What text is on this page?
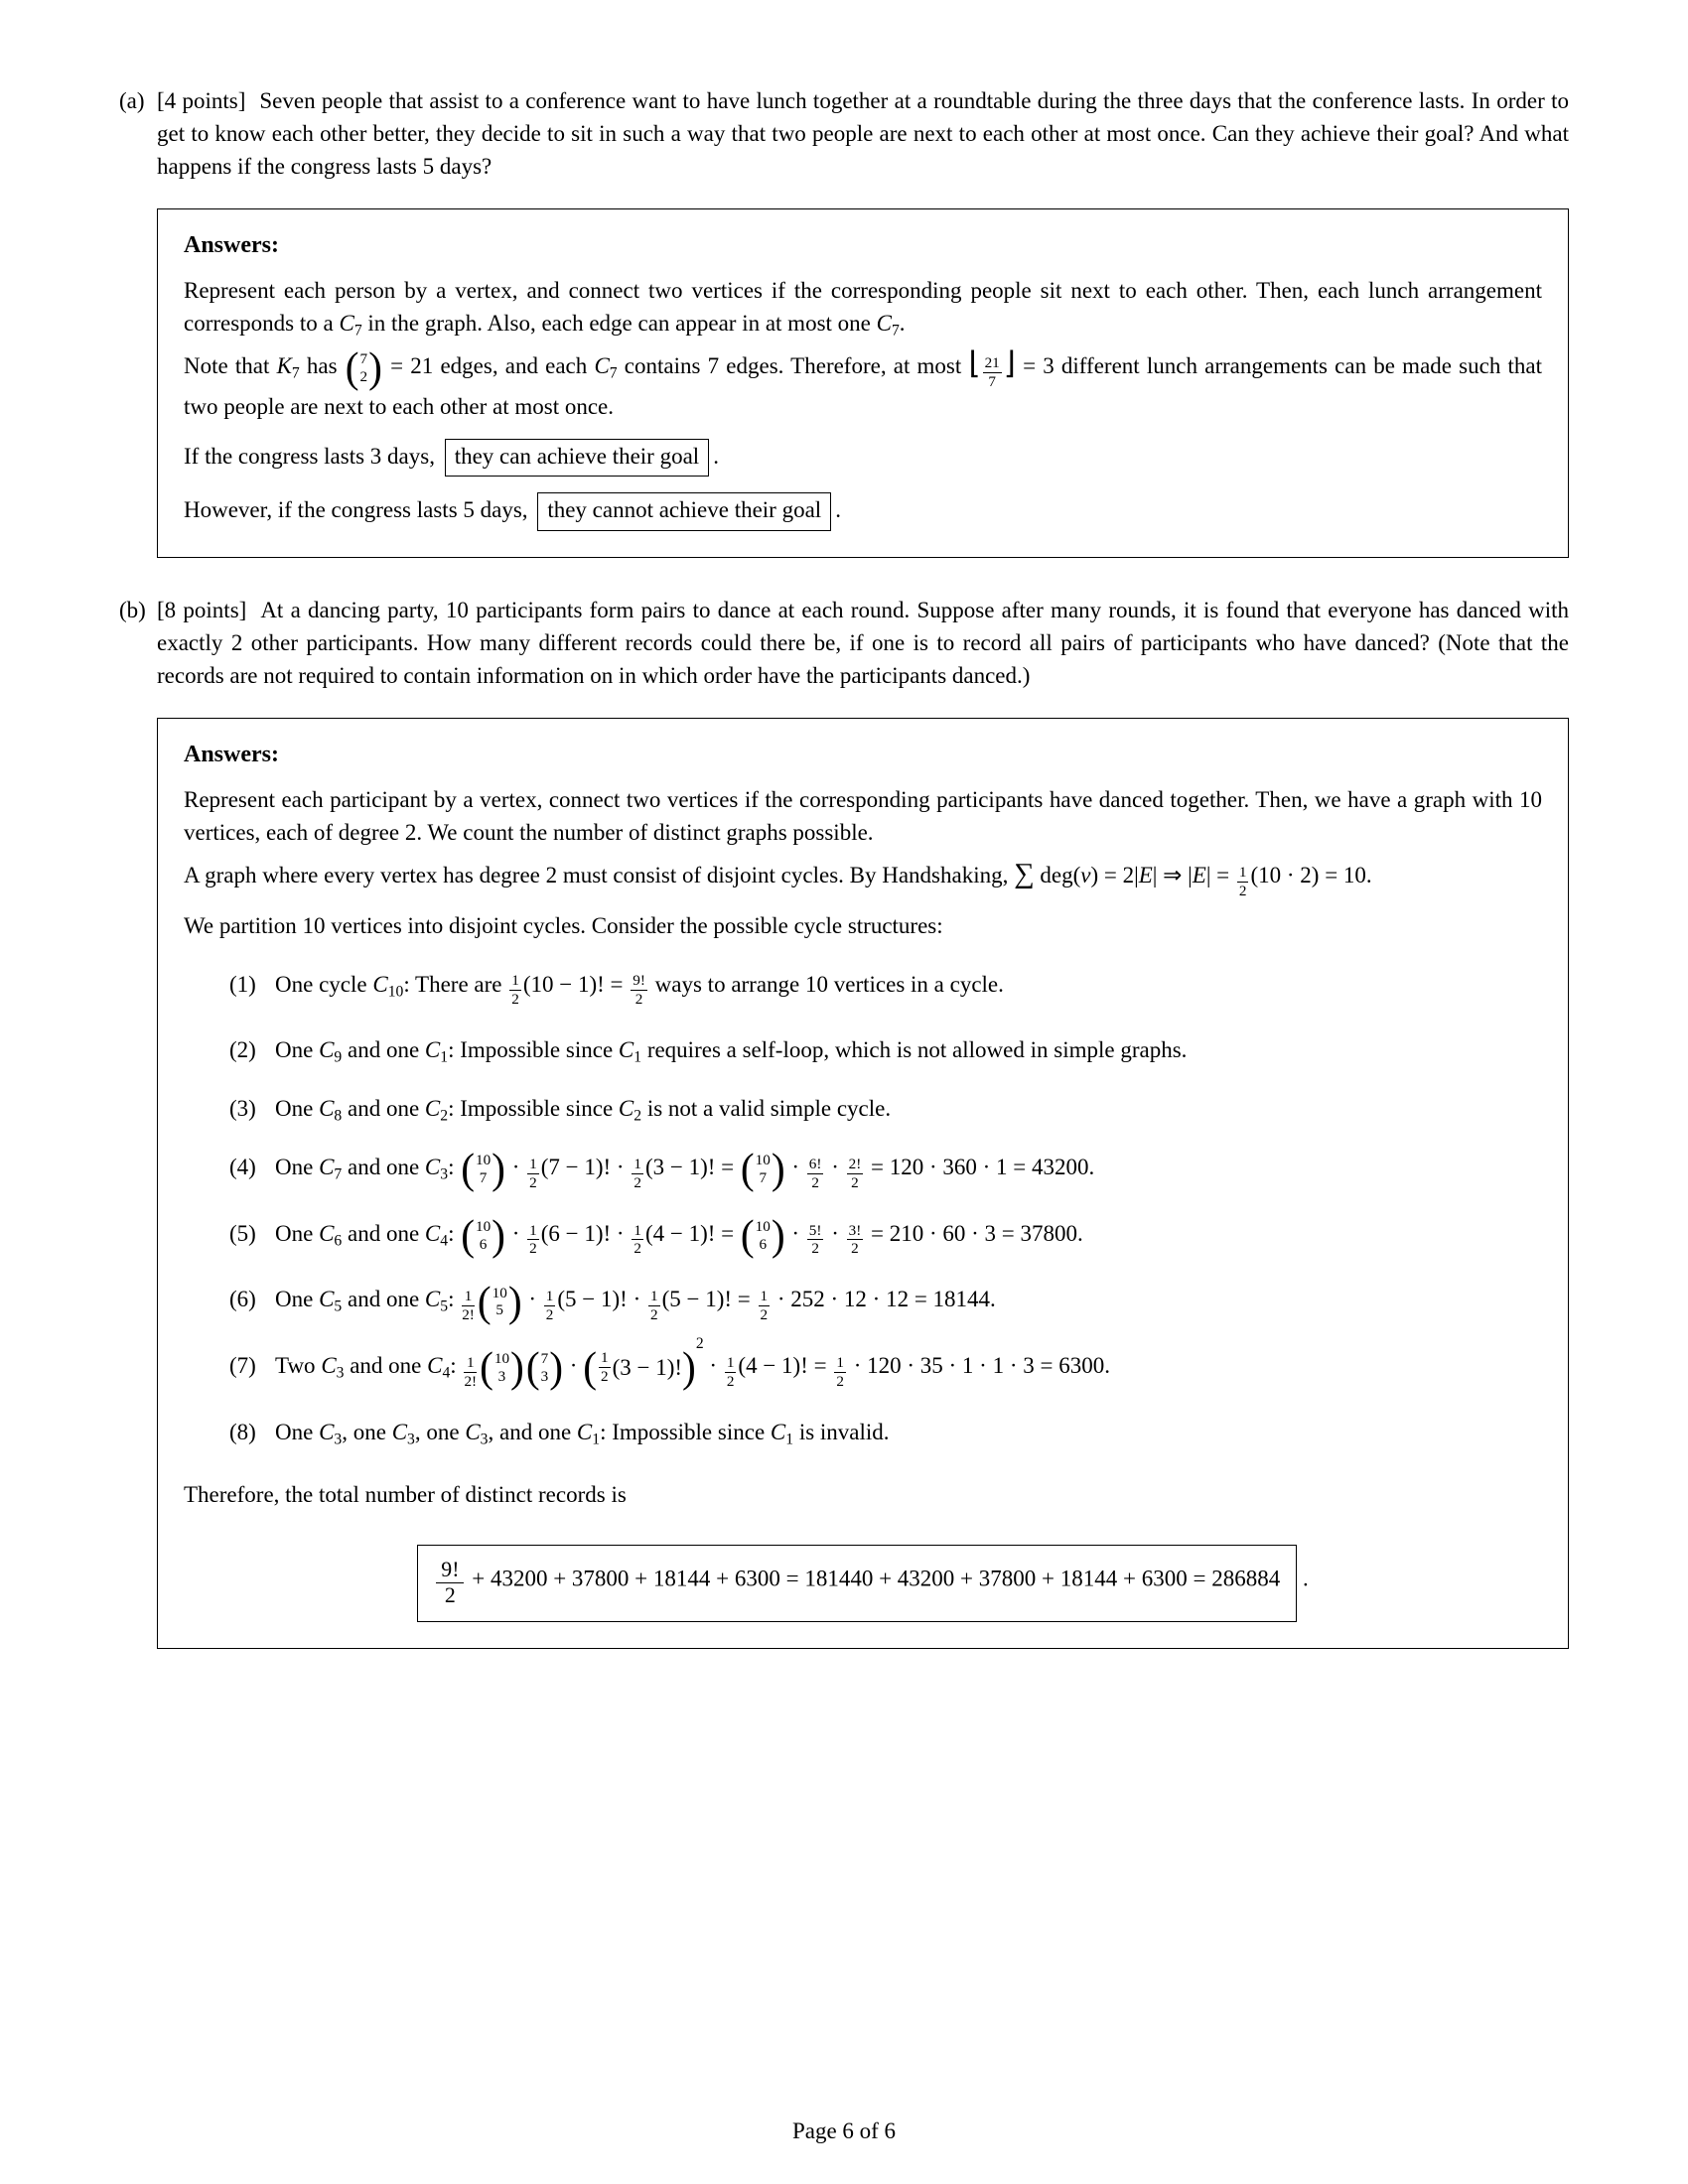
(a) [4 points] Seven people that assist to a conference want to have lunch together at a roundtable during the three days that the conference lasts. In order to get to know each other better, they decide to sit in such a way that two people are next to each other at most once. Can they achieve their goal? And what happens if the congress lasts 5 days?

Answers:

Represent each person by a vertex, and connect two vertices if the corresponding people sit next to each other. Then, each lunch arrangement corresponds to a C7 in the graph. Also, each edge can appear in at most one C7.

Note that K7 has ( 7
2 ) = 21 edges, and each C7 contains 7 edges. Therefore, at most ⌊ $\frac{21}{7}$ ⌋ = 3 different lunch arrangements can be made such that two people are next to each other at most once.

If the congress lasts 3 days, they can achieve their goal .

However, if the congress lasts 5 days, they cannot achieve their goal .

(b) [8 points] At a dancing party, 10 participants form pairs to dance at each round. Suppose after many rounds, it is found that everyone has danced with exactly 2 other participants. How many different records could there be, if one is to record all pairs of participants who have danced? (Note that the records are not required to contain information on in which order have the participants danced.)

Answers:

Represent each participant by a vertex, connect two vertices if the corresponding participants have danced together. Then, we have a graph with 10 vertices, each of degree 2. We count the number of distinct graphs possible.

A graph where every vertex has degree 2 must consist of disjoint cycles. By Handshaking, ∑ deg(v) = 2|E| ⇒ $|E| = \frac{1}{2} (10 \cdot 2) = 10$.

We partition 10 vertices into disjoint cycles. Consider the possible cycle structures:

(1) One cycle C10: There are $\frac{1}{2} (10 - 1)$! = $\frac{9!}{2}$ ways to arrange 10 vertices in a cycle.
(2) One C9 and one C1: Impossible since C1 requires a self-loop, which is not allowed in simple graphs.
(3) One C8 and one C2: Impossible since C2 is not a valid simple cycle.
(4) One C7 and one C3: ( 10
7 ) · $\frac{1}{2} (7 - 1)$! · $\frac{1}{2} (3 - 1)$! = ( 10
7 ) · $\frac{6!}{2} \cdot \frac{2!}{2} = 120 \cdot 360 \cdot 1 = 43200$.
(5) One C6 and one C4: ( 10
6 ) · $\frac{1}{2} (6 - 1)$! · $\frac{1}{2} (4 - 1)$! = ( 10
6 ) · $\frac{5!}{2} \cdot \frac{3!}{2} = 210 \cdot 60 \cdot 3 = 37800$.
(6) One C5 and one C5: $\frac{1}{2!}$ ( 10
5 ) · $\frac{1}{2} (5 - 1)$! · $\frac{1}{2} (5 - 1)$! = $\frac{1}{2} \cdot 252 \cdot 12 \cdot 12 = 18144$.
(7) Two C3 and one C4: $\frac{1}{2!}$ ( 10
3 ) ( 7
3 ) · ( $\frac{1}{2} (3 - 1)$! ) 2
· $\frac{1}{2} (4 - 1)$! = $\frac{1}{2} \cdot 120 \cdot 35 \cdot 1 \cdot 1 \cdot 3 = 6300$.
(8) One C3, one C3, one C3, and one C1: Impossible since C1 is invalid.

Therefore, the total number of distinct records is

$\frac{9!}{2} + 43200 + 37800 + 18144 + 6300 = 181440 + 43200 + 37800 + 18144 + 6300 = 286884$ .
Page 6 of 6
